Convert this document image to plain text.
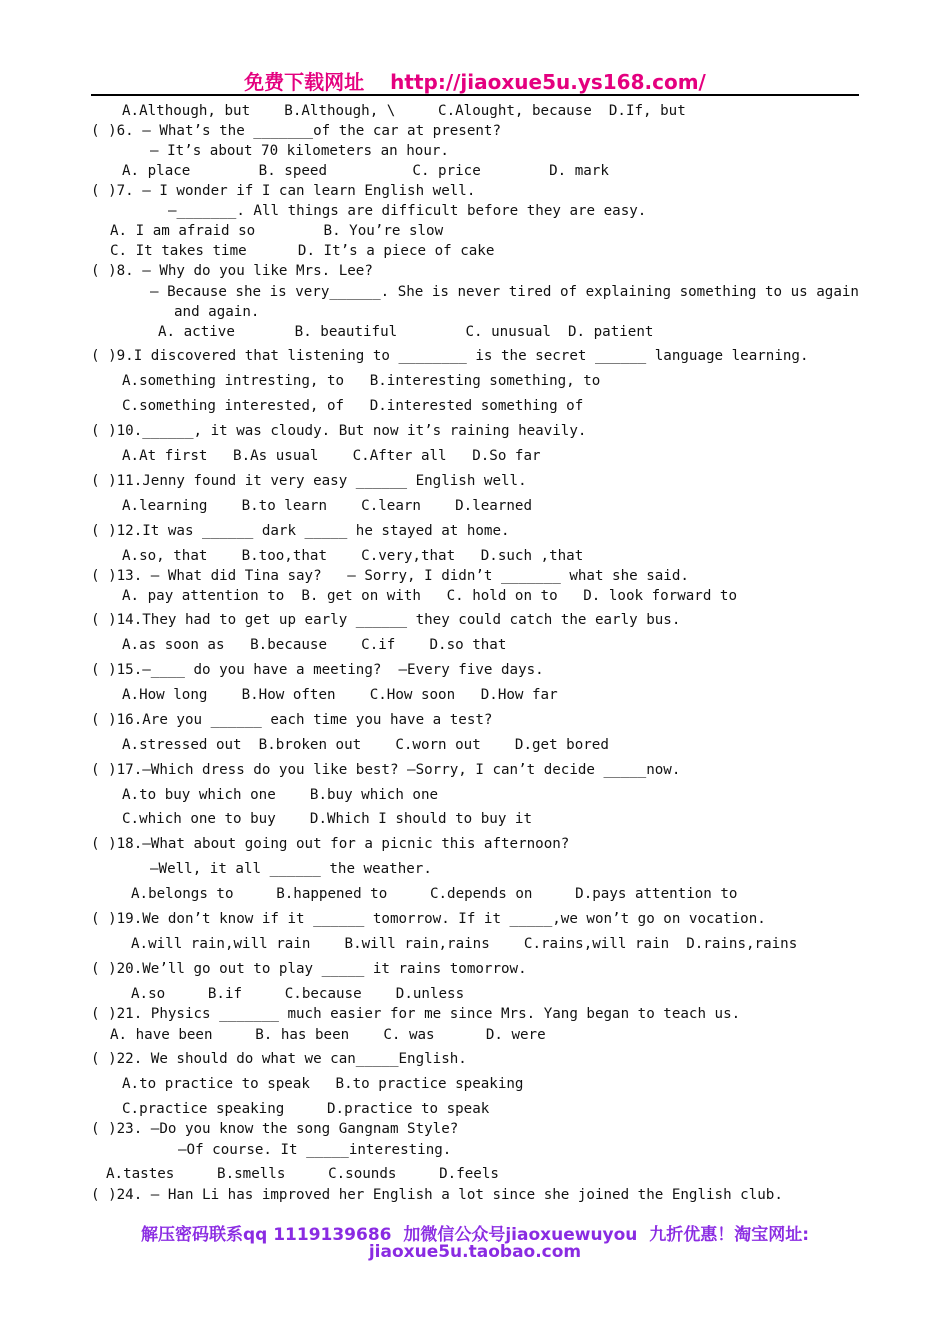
免费下载网址 http://jiaoxue5u.ys168.com/
A.Although, but    B.Although, \     C.Alought, because  D.If, but
( )6. — What’s the _______of the car at present?
— It’s about 70 kilometers an hour.
A. place        B. speed          C. price        D. mark
( )7. — I wonder if I can learn English well.
—_______. All things are difficult before they are easy.
A. I am afraid so        B. You’re slow
C. It takes time      D. It’s a piece of cake
( )8. — Why do you like Mrs. Lee?
— Because she is very______. She is never tired of explaining something to us again
and again.
A. active       B. beautiful        C. unusual  D. patient
( )9.I discovered that listening to ________ is the secret ______ language learning.
A.something intresting, to   B.interesting something, to
C.something interested, of   D.interested something of
( )10.______, it was cloudy. But now it’s raining heavily.
A.At first   B.As usual    C.After all   D.So far
( )11.Jenny found it very easy ______ English well.
A.learning    B.to learn    C.learn    D.learned
( )12.It was ______ dark _____ he stayed at home.
A.so, that    B.too,that    C.very,that   D.such ,that
( )13. — What did Tina say?   — Sorry, I didn’t _______ what she said.
A. pay attention to  B. get on with   C. hold on to   D. look forward to
( )14.They had to get up early ______ they could catch the early bus.
A.as soon as   B.because    C.if    D.so that
( )15.—____ do you have a meeting?  —Every five days.
A.How long    B.How often    C.How soon   D.How far
( )16.Are you ______ each time you have a test?
A.stressed out  B.broken out    C.worn out    D.get bored
( )17.—Which dress do you like best? —Sorry, I can’t decide _____now.
A.to buy which one    B.buy which one
C.which one to buy    D.Which I should to buy it
( )18.—What about going out for a picnic this afternoon?
—Well, it all ______ the weather.
A.belongs to     B.happened to     C.depends on     D.pays attention to
( )19.We don’t know if it ______ tomorrow. If it _____,we won’t go on vocation.
A.will rain,will rain    B.will rain,rains    C.rains,will rain  D.rains,rains
( )20.We’ll go out to play _____ it rains tomorrow.
A.so     B.if     C.because    D.unless
( )21. Physics _______ much easier for me since Mrs. Yang began to teach us.
A. have been     B. has been    C. was      D. were
( )22. We should do what we can_____English.
A.to practice to speak   B.to practice speaking
C.practice speaking     D.practice to speak
( )23. —Do you know the song Gangnam Style?
—Of course. It _____interesting.
A.tastes     B.smells     C.sounds     D.feels
( )24. — Han Li has improved her English a lot since she joined the English club.
解压密码联系qq 1119139686  加微信公众号jiaoxuewuyou  九折优惠！淘宝网址:
jiaoxue5u.taobao.com
